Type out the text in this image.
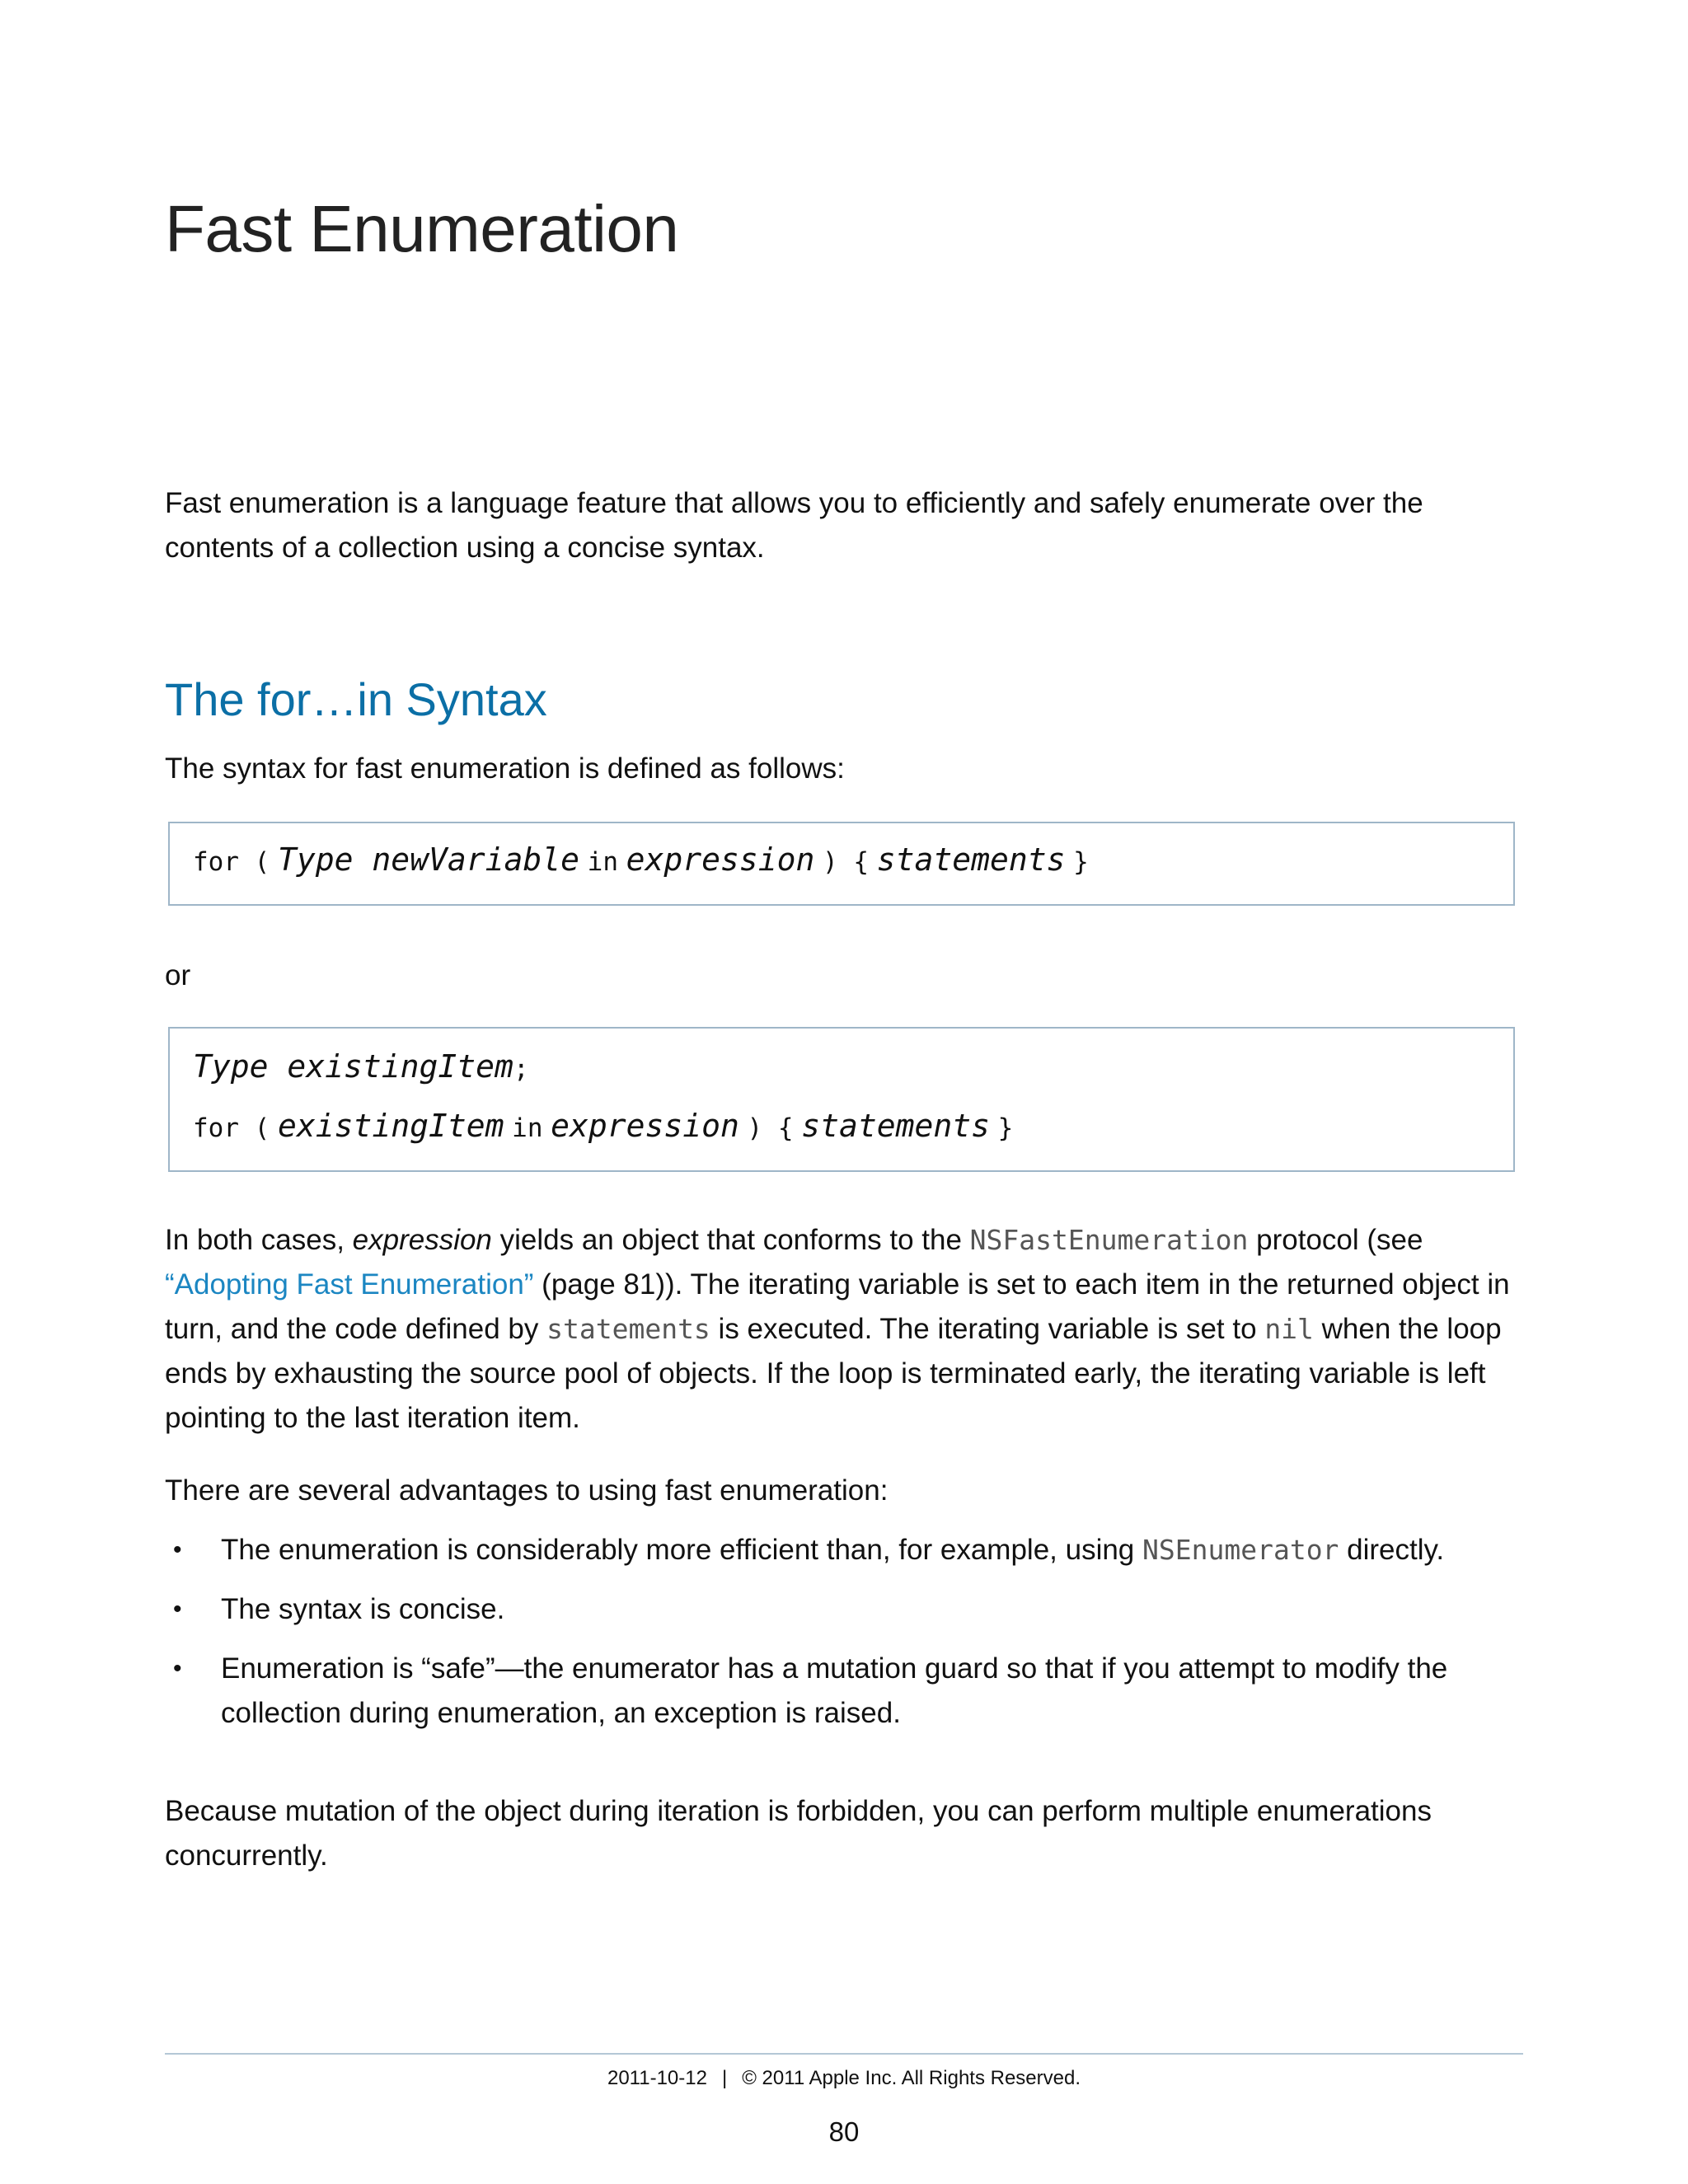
Fast Enumeration

Fast enumeration is a language feature that allows you to efficiently and safely enumerate over the contents of a collection using a concise syntax.

The for…in Syntax

The syntax for fast enumeration is defined as follows:

for ( Type newVariable in expression ) { statements }

or

Type existingItem;
for ( existingItem in expression ) { statements }

In both cases, expression yields an object that conforms to the NSFastEnumeration protocol (see “Adopting Fast Enumeration” (page 81)). The iterating variable is set to each item in the returned object in turn, and the code defined by statements is executed. The iterating variable is set to nil when the loop ends by exhausting the source pool of objects. If the loop is terminated early, the iterating variable is left pointing to the last iteration item.

There are several advantages to using fast enumeration:

• The enumeration is considerably more efficient than, for example, using NSEnumerator directly.
• The syntax is concise.
• Enumeration is “safe”—the enumerator has a mutation guard so that if you attempt to modify the collection during enumeration, an exception is raised.

Because mutation of the object during iteration is forbidden, you can perform multiple enumerations concurrently.

2011-10-12 | © 2011 Apple Inc. All Rights Reserved.
80
